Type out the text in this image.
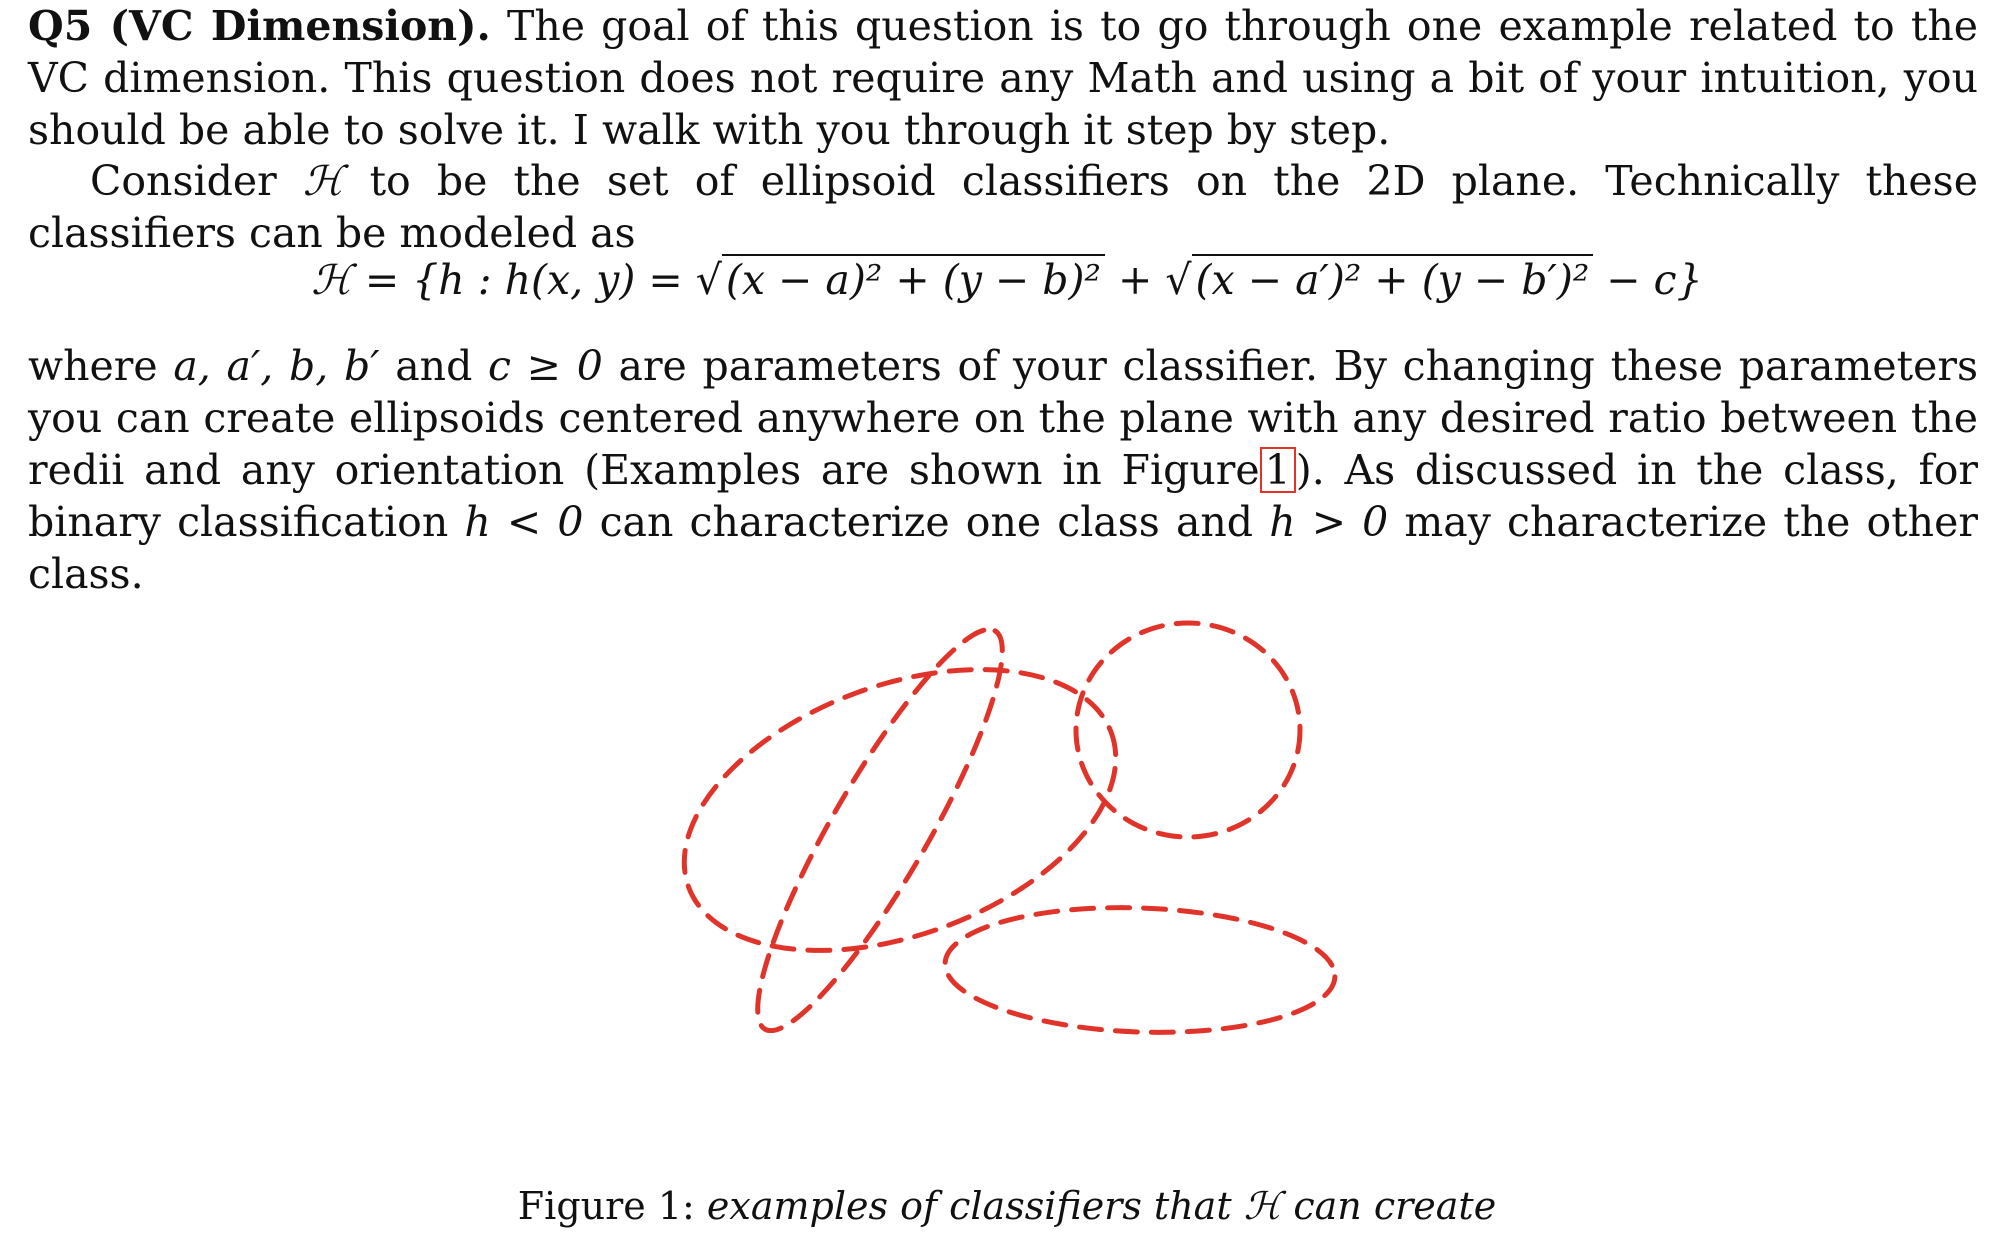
Q5 (VC Dimension). The goal of this question is to go through one example related to the VC dimension. This question does not require any Math and using a bit of your intuition, you should be able to solve it. I walk with you through it step by step.

Consider ℋ to be the set of ellipsoid classifiers on the 2D plane. Technically these classifiers can be modeled as

ℋ = {h : h(x, y) = √(x − a)² + (y − b)² + √(x − a′)² + (y − b′)² − c}

where a, a′, b, b′ and c ≥ 0 are parameters of your classifier. By changing these parameters you can create ellipsoids centered anywhere on the plane with any desired ratio between the redii and any orientation (Examples are shown in Figure 1 ). As discussed in the class, for binary classification h < 0 can characterize one class and h > 0 may characterize the other class.

Figure 1: examples of classifiers that ℋ can create
